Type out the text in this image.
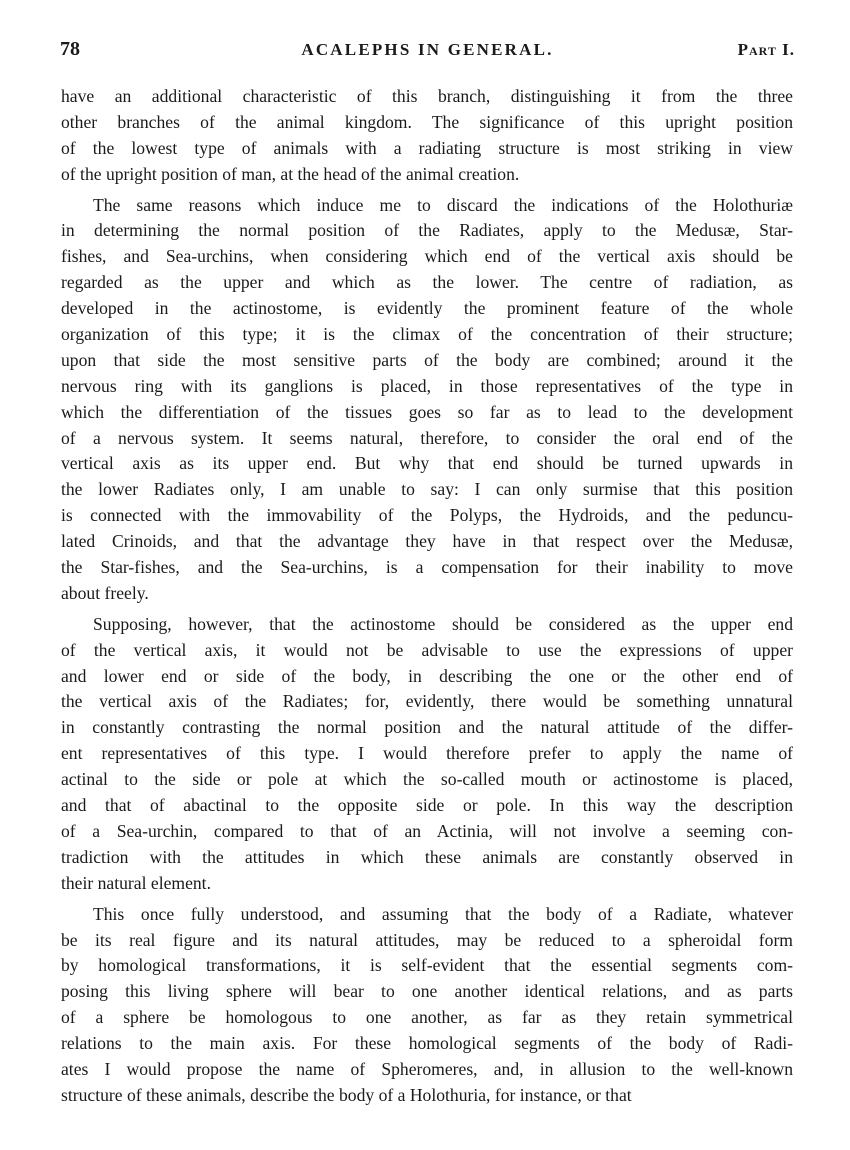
78	ACALEPHS IN GENERAL.	Part I.
have an additional characteristic of this branch, distinguishing it from the three
other branches of the animal kingdom. The significance of this upright position
of the lowest type of animals with a radiating structure is most striking in view
of the upright position of man, at the head of the animal creation.
The same reasons which induce me to discard the indications of the Holothuriæ
in determining the normal position of the Radiates, apply to the Medusæ, Star-
fishes, and Sea-urchins, when considering which end of the vertical axis should be
regarded as the upper and which as the lower. The centre of radiation, as
developed in the actinostome, is evidently the prominent feature of the whole
organization of this type; it is the climax of the concentration of their structure;
upon that side the most sensitive parts of the body are combined; around it the
nervous ring with its ganglions is placed, in those representatives of the type in
which the differentiation of the tissues goes so far as to lead to the development
of a nervous system. It seems natural, therefore, to consider the oral end of the
vertical axis as its upper end. But why that end should be turned upwards in
the lower Radiates only, I am unable to say: I can only surmise that this position
is connected with the immovability of the Polyps, the Hydroids, and the peduncu-
lated Crinoids, and that the advantage they have in that respect over the Medusæ,
the Star-fishes, and the Sea-urchins, is a compensation for their inability to move
about freely.
Supposing, however, that the actinostome should be considered as the upper end
of the vertical axis, it would not be advisable to use the expressions of upper
and lower end or side of the body, in describing the one or the other end of
the vertical axis of the Radiates; for, evidently, there would be something unnatural
in constantly contrasting the normal position and the natural attitude of the differ-
ent representatives of this type. I would therefore prefer to apply the name of
actinal to the side or pole at which the so-called mouth or actinostome is placed,
and that of abactinal to the opposite side or pole. In this way the description
of a Sea-urchin, compared to that of an Actinia, will not involve a seeming con-
tradiction with the attitudes in which these animals are constantly observed in
their natural element.
This once fully understood, and assuming that the body of a Radiate, whatever
be its real figure and its natural attitudes, may be reduced to a spheroidal form
by homological transformations, it is self-evident that the essential segments com-
posing this living sphere will bear to one another identical relations, and as parts
of a sphere be homologous to one another, as far as they retain symmetrical
relations to the main axis. For these homological segments of the body of Radi-
ates I would propose the name of Spheromeres, and, in allusion to the well-known
structure of these animals, describe the body of a Holothuria, for instance, or that
